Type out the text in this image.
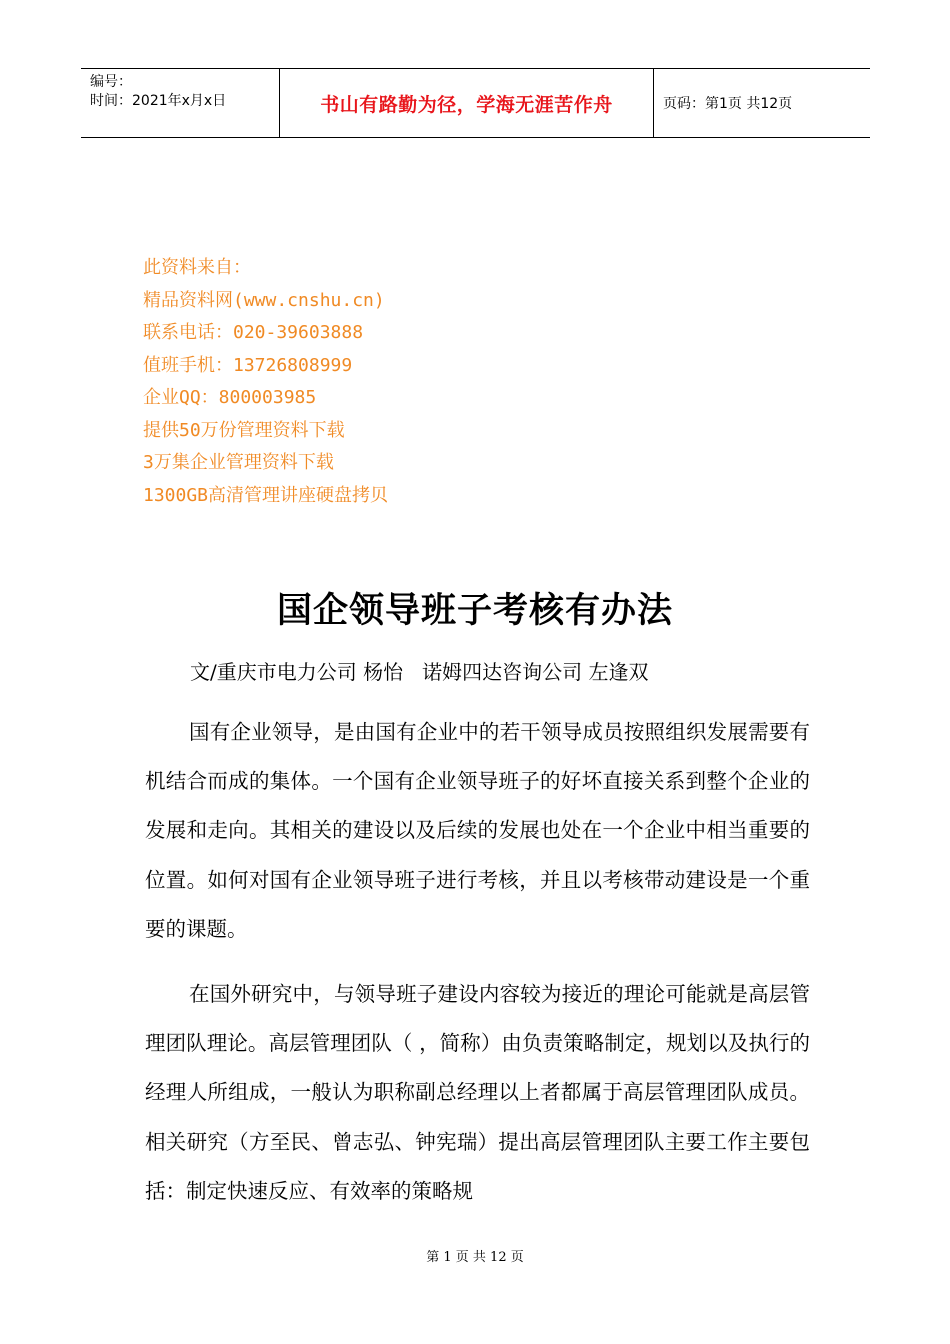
编号：
时间：2021年x月x日	书山有路勤为径，学海无涯苦作舟	页码：第1页 共12页
此资料来自：
精品资料网(www.cnshu.cn)
联系电话：020-39603888
值班手机：13726808999
企业QQ：800003985
提供50万份管理资料下载
3万集企业管理资料下载
1300GB高清管理讲座硬盘拷贝
国企领导班子考核有办法
文/重庆市电力公司 杨怡   诺姆四达咨询公司 左逢双

国有企业领导，是由国有企业中的若干领导成员按照组织发展需要有机结合而成的集体。一个国有企业领导班子的好坏直接关系到整个企业的发展和走向。其相关的建设以及后续的发展也处在一个企业中相当重要的位置。如何对国有企业领导班子进行考核，并且以考核带动建设是一个重要的课题。

在国外研究中，与领导班子建设内容较为接近的理论可能就是高层管理团队理论。高层管理团队（ ，简称）由负责策略制定，规划以及执行的经理人所组成，一般认为职称副总经理以上者都属于高层管理团队成员。相关研究（方至民、曾志弘、钟宪瑞）提出高层管理团队主要工作主要包括：制定快速反应、有效率的策略规

第 1 页 共 12 页
